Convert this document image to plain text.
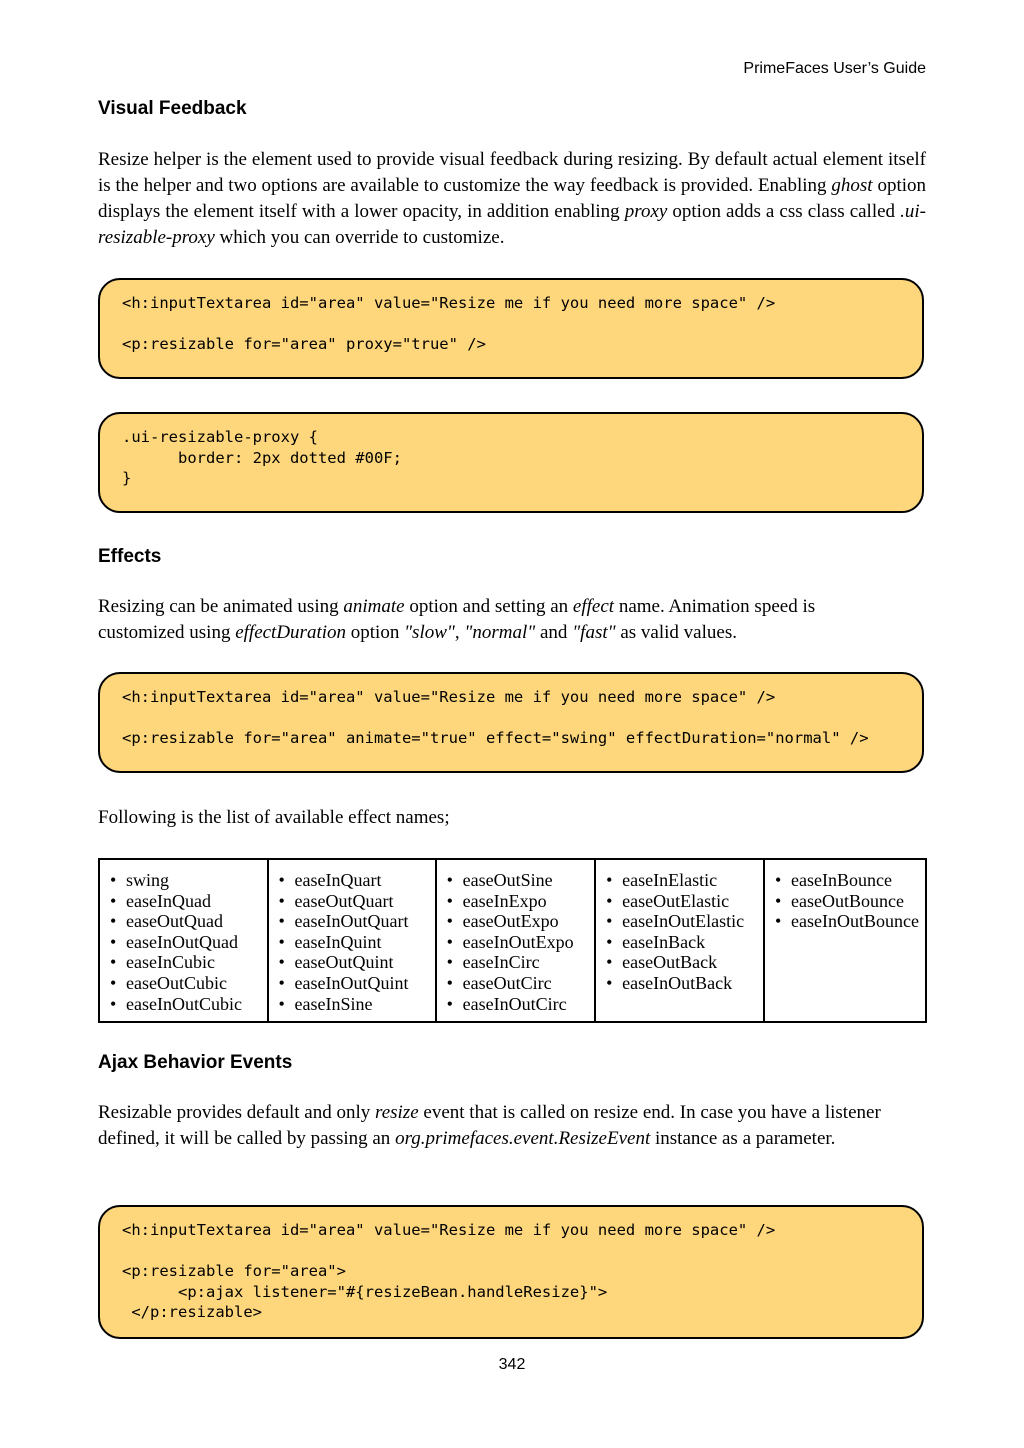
PrimeFaces User’s Guide
Visual Feedback

Resize helper is the element used to provide visual feedback during resizing. By default actual element itself is the helper and two options are available to customize the way feedback is provided. Enabling ghost option displays the element itself with a lower opacity, in addition enabling proxy option adds a css class called .ui-resizable-proxy which you can override to customize.

<h:inputTextarea id="area" value="Resize me if you need more space" />
<p:resizable for="area" proxy="true" />
.ui-resizable-proxy {
border: 2px dotted #00F;
}
Effects

Resizing can be animated using animate option and setting an effect name. Animation speed is customized using effectDuration option "slow", "normal" and "fast" as valid values.

<h:inputTextarea id="area" value="Resize me if you need more space" />
<p:resizable for="area" animate="true" effect="swing" effectDuration="normal" />

Following is the list of available effect names;

• swing
• easeInQuad
• easeOutQuad
• easeInOutQuad
• easeInCubic
• easeOutCubic
• easeInOutCubic

• easeInQuart
• easeOutQuart
• easeInOutQuart
• easeInQuint
• easeOutQuint
• easeInOutQuint
• easeInSine

• easeOutSine
• easeInExpo
• easeOutExpo
• easeInOutExpo
• easeInCirc
• easeOutCirc
• easeInOutCirc

• easeInElastic
• easeOutElastic
• easeInOutElastic
• easeInBack
• easeOutBack
• easeInOutBack

• easeInBounce
• easeOutBounce
• easeInOutBounce
Ajax Behavior Events

Resizable provides default and only resize event that is called on resize end. In case you have a listener defined, it will be called by passing an org.primefaces.event.ResizeEvent instance as a parameter.

<h:inputTextarea id="area" value="Resize me if you need more space" />
<p:resizable for="area">
<p:ajax listener="#{resizeBean.handleResize}">
</p:resizable>
342
